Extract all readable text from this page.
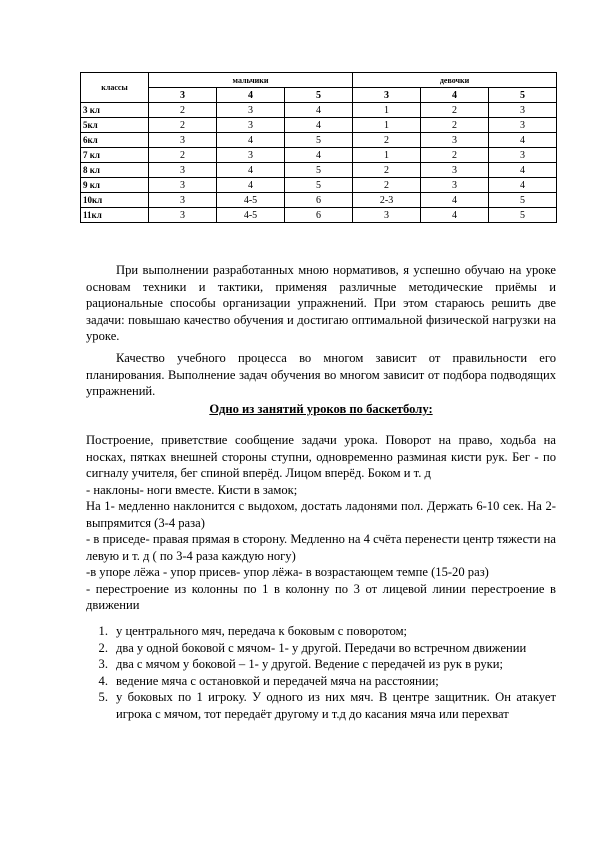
классы	мальчики			девочки		
	3	4	5	3	4	5
3 кл	2	3	4	1	2	3
5кл	2	3	4	1	2	3
6кл	3	4	5	2	3	4
7 кл	2	3	4	1	2	3
8 кл	3	4	5	2	3	4
9 кл	3	4	5	2	3	4
10кл	3	4-5	6	2-3	4	5
11кл	3	4-5	6	3	4	5
При выполнении разработанных мною нормативов, я успешно обучаю на уроке основам техники и тактики, применяя различные методические приёмы и рациональные способы организации упражнений. При этом стараюсь решить две задачи: повышаю качество обучения и достигаю оптимальной физической нагрузки на уроке.
Качество учебного процесса во многом зависит от правильности его планирования. Выполнение задач обучения во многом зависит от подбора подводящих упражнений.
Одно из занятий уроков по баскетболу:

Построение, приветствие сообщение задачи урока. Поворот на право, ходьба на носках, пятках внешней стороны ступни, одновременно разминая кисти рук. Бег - по сигналу учителя, бег спиной вперёд. Лицом вперёд. Боком и т. д

- наклоны- ноги вместе. Кисти в замок;

На 1- медленно наклонится с выдохом, достать ладонями пол. Держать 6-10 сек. На 2- выпрямится (3-4 раза)

- в приседе- правая прямая в сторону. Медленно на 4 счёта перенести центр тяжести на левую и т. д ( по 3-4 раза каждую ногу)

-в упоре лёжа - упор присев- упор лёжа- в возрастающем темпе (15-20 раз)

- перестроение из колонны по 1 в колонну по 3 от лицевой линии перестроение в движении

1. у центрального мяч, передача к боковым с поворотом;
2. два у одной боковой с мячом- 1- у другой. Передачи во встречном движении
3. два с мячом у боковой – 1- у другой. Ведение с передачей из рук в руки;
4. ведение мяча с остановкой и передачей мяча на расстоянии;
5. у боковых по 1 игроку. У одного из них мяч. В центре защитник. Он атакует игрока с мячом, тот передаёт другому и т.д до касания мяча или перехват
